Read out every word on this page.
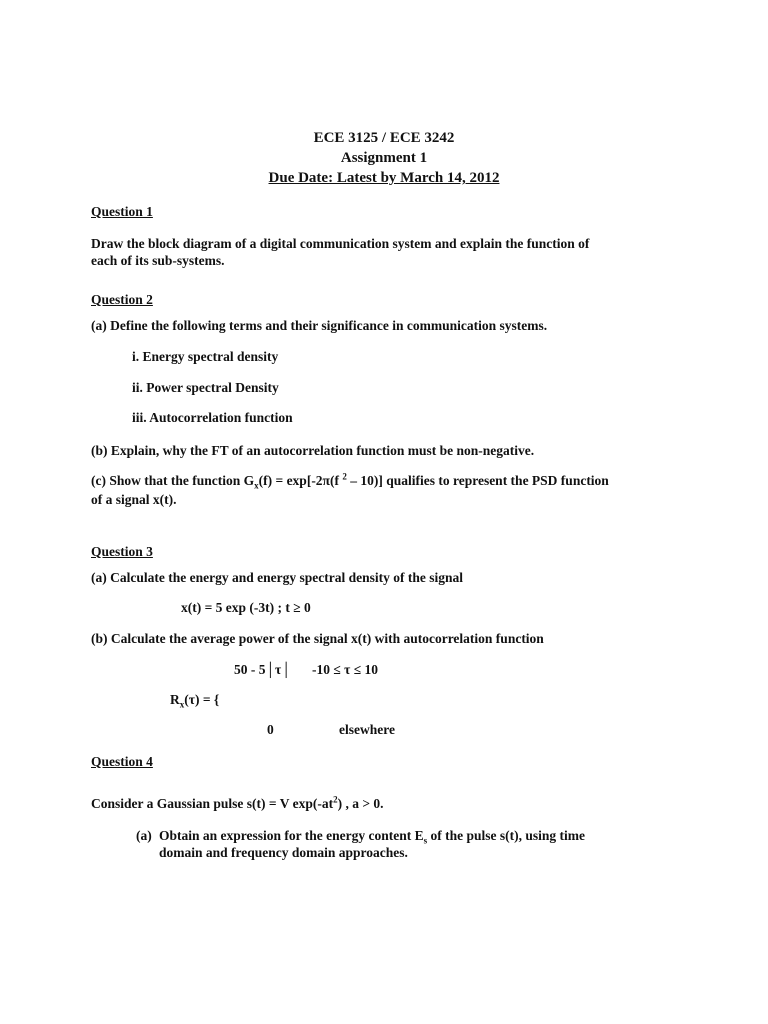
ECE 3125 / ECE 3242
Assignment 1
Due Date: Latest by March 14, 2012
Question 1
Draw the block diagram of a digital communication system and explain the function of
each of its sub-systems.
Question 2
(a) Define the following terms and their significance in communication systems.
i. Energy spectral density
ii. Power spectral Density
iii. Autocorrelation function
(b) Explain, why the FT of an autocorrelation function must be non-negative.
(c) Show that the function $G_x(f) = \exp[-2\pi(f$ $^2$ – 10)] qualifies to represent the PSD function
of a signal x(t).
Question 3
(a) Calculate the energy and energy spectral density of the signal
x(t) = 5 exp (-3t) ; t ≥ 0
(b) Calculate the average power of the signal x(t) with autocorrelation function
50 - 5│τ│ -10 ≤ τ ≤ 10
$R_x(\tau)$ = {
0	elsewhere
Question 4
Consider a Gaussian pulse s(t) = V $\exp(-at^2)$ , a > 0.
(a) Obtain an expression for the energy content $E_s$ of the pulse s(t), using time
domain and frequency domain approaches.
